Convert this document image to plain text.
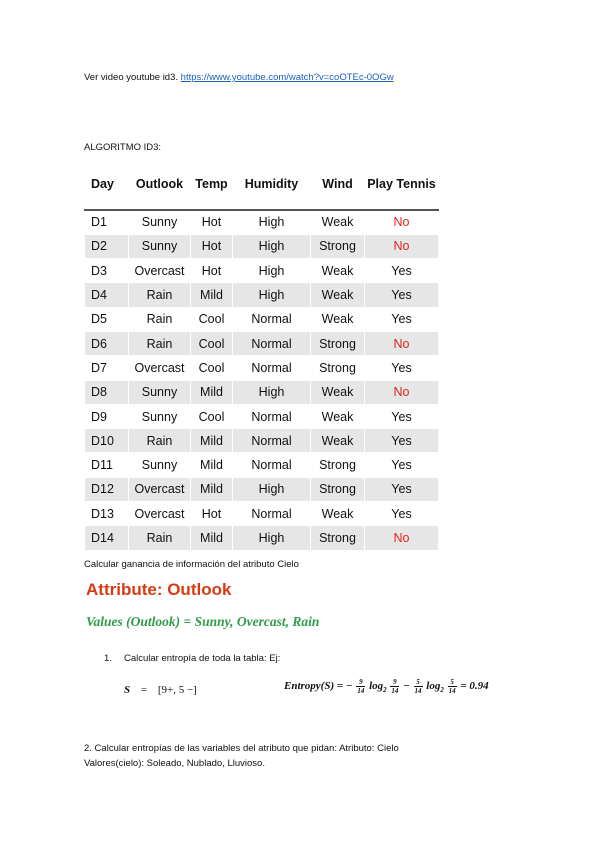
Ver video youtube id3. https://www.youtube.com/watch?v=coOTEc-0OGw
ALGORITMO ID3:
Day	Outlook	Temp	Humidity	Wind	Play Tennis
D1	Sunny	Hot	High	Weak	No
D2	Sunny	Hot	High	Strong	No
D3	Overcast	Hot	High	Weak	Yes
D4	Rain	Mild	High	Weak	Yes
D5	Rain	Cool	Normal	Weak	Yes
D6	Rain	Cool	Normal	Strong	No
D7	Overcast	Cool	Normal	Strong	Yes
D8	Sunny	Mild	High	Weak	No
D9	Sunny	Cool	Normal	Weak	Yes
D10	Rain	Mild	Normal	Weak	Yes
D11	Sunny	Mild	Normal	Strong	Yes
D12	Overcast	Mild	High	Strong	Yes
D13	Overcast	Hot	Normal	Weak	Yes
D14	Rain	Mild	High	Strong	No
Calcular ganancia de información del atributo Cielo
Attribute: Outlook
Values (Outlook) = Sunny, Overcast, Rain
1. Calcular entropía de toda la tabla: Ej:
S = [9+, 5 −]	Entropy(S) = − $\frac{9}{14} \log_2 \frac{9}{14} - \frac{5}{14} \log_2 \frac{5}{14} = 0.94$
2. Calcular entropías de las variables del atributo que pidan: Atributo: Cielo
Valores(cielo): Soleado, Nublado, Lluvioso.
